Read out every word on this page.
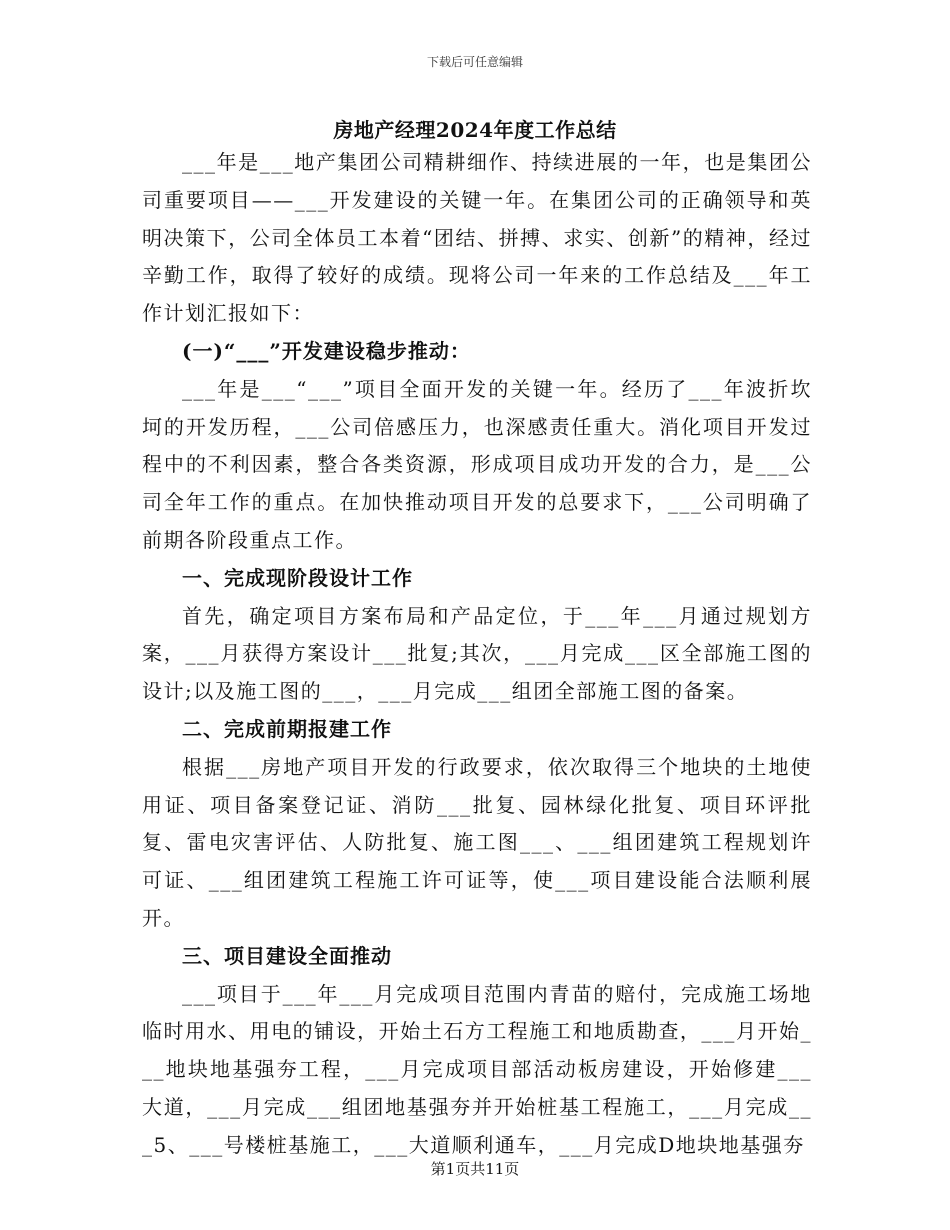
下载后可任意编辑
房地产经理2024年度工作总结

___年是___地产集团公司精耕细作、持续进展的一年，也是集团公司重要项目——___开发建设的关键一年。在集团公司的正确领导和英明决策下，公司全体员工本着“团结、拼搏、求实、创新”的精神，经过辛勤工作，取得了较好的成绩。现将公司一年来的工作总结及___年工作计划汇报如下：

(一)“___”开发建设稳步推动：

___年是___“___”项目全面开发的关键一年。经历了___年波折坎坷的开发历程，___公司倍感压力，也深感责任重大。消化项目开发过程中的不利因素，整合各类资源，形成项目成功开发的合力，是___公司全年工作的重点。在加快推动项目开发的总要求下，___公司明确了前期各阶段重点工作。

一、完成现阶段设计工作

首先，确定项目方案布局和产品定位，于___年___月通过规划方案，___月获得方案设计___批复;其次，___月完成___区全部施工图的设计;以及施工图的___，___月完成___组团全部施工图的备案。

二、完成前期报建工作

根据___房地产项目开发的行政要求，依次取得三个地块的土地使用证、项目备案登记证、消防___批复、园林绿化批复、项目环评批复、雷电灾害评估、人防批复、施工图___、___组团建筑工程规划许可证、___组团建筑工程施工许可证等，使___项目建设能合法顺利展开。

三、项目建设全面推动

___项目于___年___月完成项目范围内青苗的赔付，完成施工场地临时用水、用电的铺设，开始土石方工程施工和地质勘查，___月开始___地块地基强夯工程，___月完成项目部活动板房建设，开始修建___大道，___月完成___组团地基强夯并开始桩基工程施工，___月完成___5、___号楼桩基施工，___大道顺利通车，___月完成D地块地基强夯

第1页共11页
